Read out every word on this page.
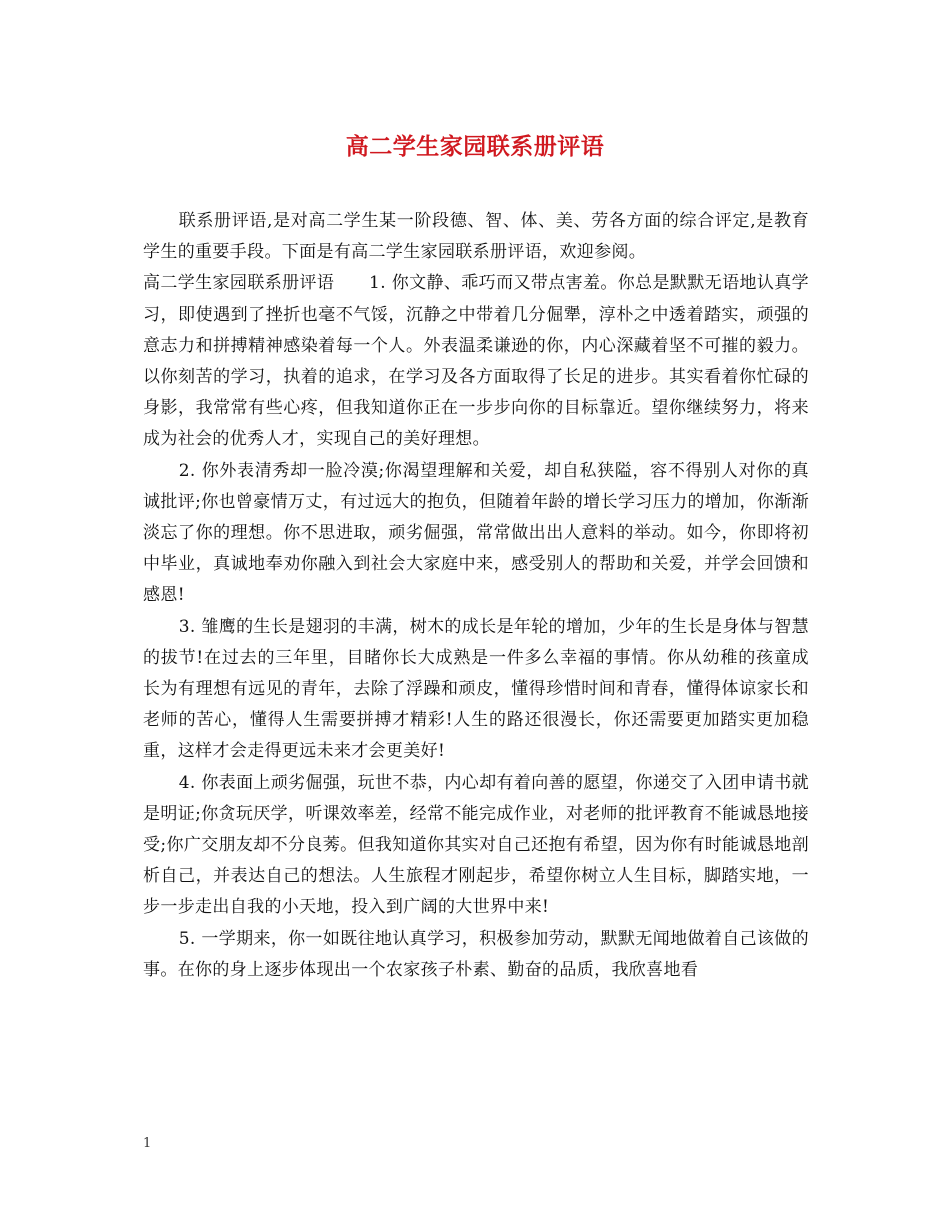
高二学生家园联系册评语

联系册评语,是对高二学生某一阶段德、智、体、美、劳各方面的综合评定,是教育学生的重要手段。下面是有高二学生家园联系册评语，欢迎参阅。

高二学生家园联系册评语　　1. 你文静、乖巧而又带点害羞。你总是默默无语地认真学习，即使遇到了挫折也毫不气馁，沉静之中带着几分倔犟，淳朴之中透着踏实，顽强的意志力和拼搏精神感染着每一个人。外表温柔谦逊的你，内心深藏着坚不可摧的毅力。以你刻苦的学习，执着的追求，在学习及各方面取得了长足的进步。其实看着你忙碌的身影，我常常有些心疼，但我知道你正在一步步向你的目标靠近。望你继续努力，将来成为社会的优秀人才，实现自己的美好理想。

2. 你外表清秀却一脸冷漠;你渴望理解和关爱，却自私狭隘，容不得别人对你的真诚批评;你也曾豪情万丈，有过远大的抱负，但随着年龄的增长学习压力的增加，你渐渐淡忘了你的理想。你不思进取，顽劣倔强，常常做出出人意料的举动。如今，你即将初中毕业，真诚地奉劝你融入到社会大家庭中来，感受别人的帮助和关爱，并学会回馈和感恩!

3. 雏鹰的生长是翅羽的丰满，树木的成长是年轮的增加，少年的生长是身体与智慧的拔节!在过去的三年里，目睹你长大成熟是一件多么幸福的事情。你从幼稚的孩童成长为有理想有远见的青年，去除了浮躁和顽皮，懂得珍惜时间和青春，懂得体谅家长和老师的苦心，懂得人生需要拼搏才精彩!人生的路还很漫长，你还需要更加踏实更加稳重，这样才会走得更远未来才会更美好!

4. 你表面上顽劣倔强，玩世不恭，内心却有着向善的愿望，你递交了入团申请书就是明证;你贪玩厌学，听课效率差，经常不能完成作业，对老师的批评教育不能诚恳地接受;你广交朋友却不分良莠。但我知道你其实对自己还抱有希望，因为你有时能诚恳地剖析自己，并表达自己的想法。人生旅程才刚起步，希望你树立人生目标，脚踏实地，一步一步走出自我的小天地，投入到广阔的大世界中来!

5. 一学期来，你一如既往地认真学习，积极参加劳动，默默无闻地做着自己该做的事。在你的身上逐步体现出一个农家孩子朴素、勤奋的品质，我欣喜地看

1
